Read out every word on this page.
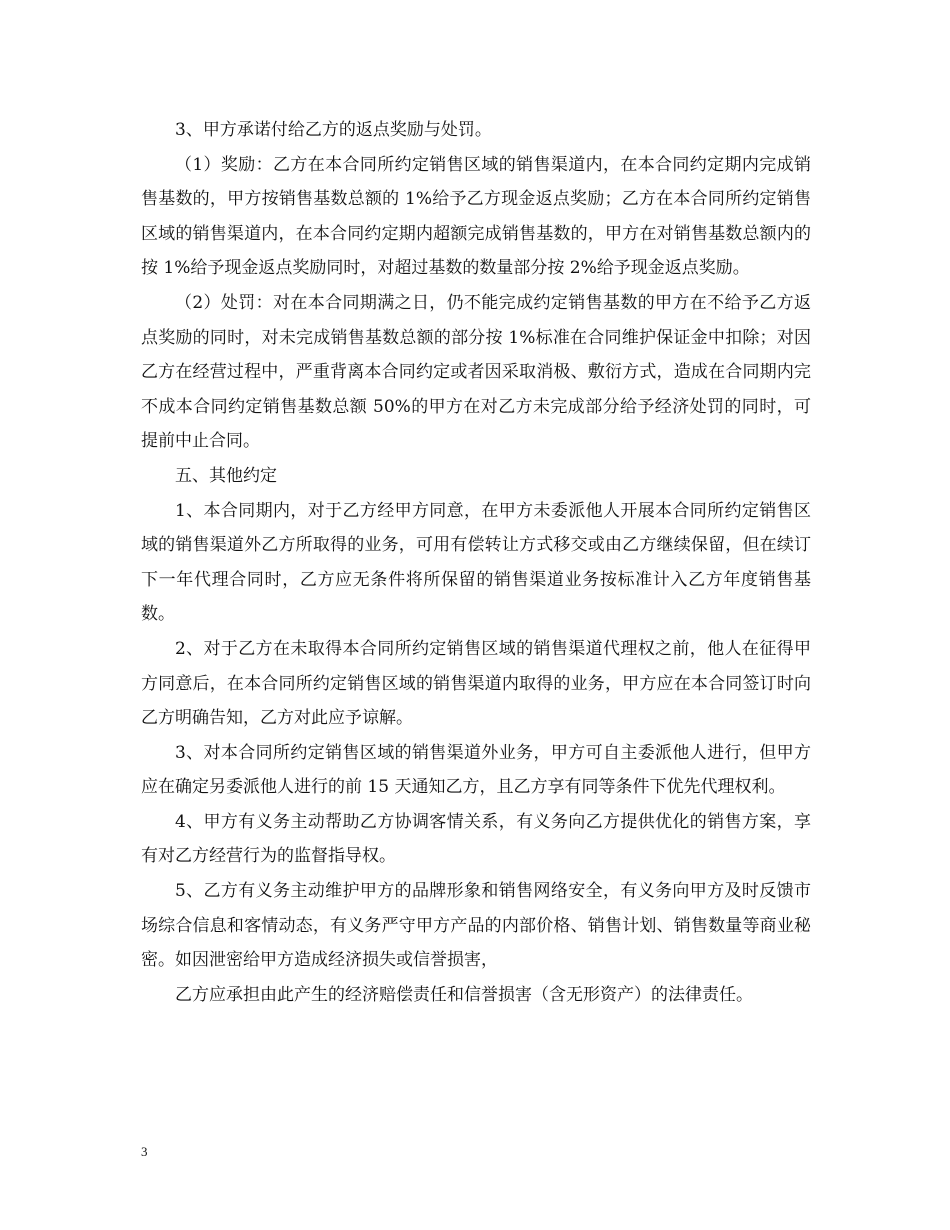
3、甲方承诺付给乙方的返点奖励与处罚。

（1）奖励：乙方在本合同所约定销售区域的销售渠道内，在本合同约定期内完成销售基数的，甲方按销售基数总额的 1%给予乙方现金返点奖励；乙方在本合同所约定销售区域的销售渠道内，在本合同约定期内超额完成销售基数的，甲方在对销售基数总额内的按 1%给予现金返点奖励同时，对超过基数的数量部分按 2%给予现金返点奖励。

（2）处罚：对在本合同期满之日，仍不能完成约定销售基数的甲方在不给予乙方返点奖励的同时，对未完成销售基数总额的部分按 1%标准在合同维护保证金中扣除；对因乙方在经营过程中，严重背离本合同约定或者因采取消极、敷衍方式，造成在合同期内完不成本合同约定销售基数总额 50%的甲方在对乙方未完成部分给予经济处罚的同时，可提前中止合同。

五、其他约定

1、本合同期内，对于乙方经甲方同意，在甲方未委派他人开展本合同所约定销售区域的销售渠道外乙方所取得的业务，可用有偿转让方式移交或由乙方继续保留，但在续订下一年代理合同时，乙方应无条件将所保留的销售渠道业务按标准计入乙方年度销售基数。

2、对于乙方在未取得本合同所约定销售区域的销售渠道代理权之前，他人在征得甲方同意后，在本合同所约定销售区域的销售渠道内取得的业务，甲方应在本合同签订时向乙方明确告知，乙方对此应予谅解。

3、对本合同所约定销售区域的销售渠道外业务，甲方可自主委派他人进行，但甲方应在确定另委派他人进行的前 15 天通知乙方，且乙方享有同等条件下优先代理权利。

4、甲方有义务主动帮助乙方协调客情关系，有义务向乙方提供优化的销售方案，享有对乙方经营行为的监督指导权。

5、乙方有义务主动维护甲方的品牌形象和销售网络安全，有义务向甲方及时反馈市场综合信息和客情动态，有义务严守甲方产品的内部价格、销售计划、销售数量等商业秘密。如因泄密给甲方造成经济损失或信誉损害，

乙方应承担由此产生的经济赔偿责任和信誉损害（含无形资产）的法律责任。

3
